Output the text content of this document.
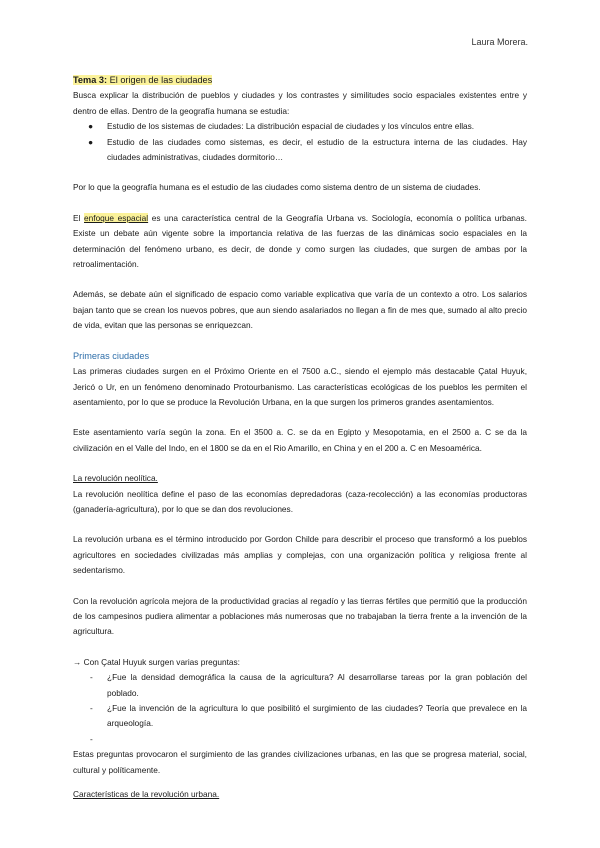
Laura Morera.
Tema 3: El origen de las ciudades

Busca explicar la distribución de pueblos y ciudades y los contrastes y similitudes socio espaciales existentes entre y dentro de ellas. Dentro de la geografía humana se estudia:

● Estudio de los sistemas de ciudades: La distribución espacial de ciudades y los vínculos entre ellas.
● Estudio de las ciudades como sistemas, es decir, el estudio de la estructura interna de las ciudades. Hay ciudades administrativas, ciudades dormitorio…

Por lo que la geografía humana es el estudio de las ciudades como sistema dentro de un sistema de ciudades.

El enfoque espacial es una característica central de la Geografía Urbana vs. Sociología, economía o política urbanas. Existe un debate aún vigente sobre la importancia relativa de las fuerzas de las dinámicas socio espaciales en la determinación del fenómeno urbano, es decir, de donde y como surgen las ciudades, que surgen de ambas por la retroalimentación.

Además, se debate aún el significado de espacio como variable explicativa que varía de un contexto a otro. Los salarios bajan tanto que se crean los nuevos pobres, que aun siendo asalariados no llegan a fin de mes que, sumado al alto precio de vida, evitan que las personas se enriquezcan.

Primeras ciudades

Las primeras ciudades surgen en el Próximo Oriente en el 7500 a.C., siendo el ejemplo más destacable Çatal Huyuk, Jericó o Ur, en un fenómeno denominado Protourbanismo. Las características ecológicas de los pueblos les permiten el asentamiento, por lo que se produce la Revolución Urbana, en la que surgen los primeros grandes asentamientos.

Este asentamiento varía según la zona. En el 3500 a. C. se da en Egipto y Mesopotamia, en el 2500 a. C se da la civilización en el Valle del Indo, en el 1800 se da en el Rio Amarillo, en China y en el 200 a. C en Mesoamérica.

La revolución neolítica.

La revolución neolítica define el paso de las economías depredadoras (caza-recolección) a las economías productoras (ganadería-agricultura), por lo que se dan dos revoluciones.

La revolución urbana es el término introducido por Gordon Childe para describir el proceso que transformó a los pueblos agricultores en sociedades civilizadas más amplias y complejas, con una organización política y religiosa frente al sedentarismo.

Con la revolución agrícola mejora de la productividad gracias al regadío y las tierras fértiles que permitió que la producción de los campesinos pudiera alimentar a poblaciones más numerosas que no trabajaban la tierra frente a la invención de la agricultura.

→ Con Çatal Huyuk surgen varias preguntas:

- ¿Fue la densidad demográfica la causa de la agricultura? Al desarrollarse tareas por la gran población del poblado.
- ¿Fue la invención de la agricultura lo que posibilitó el surgimiento de las ciudades? Teoría que prevalece en la arqueología.
-

Estas preguntas provocaron el surgimiento de las grandes civilizaciones urbanas, en las que se progresa material, social, cultural y políticamente.

Características de la revolución urbana.
